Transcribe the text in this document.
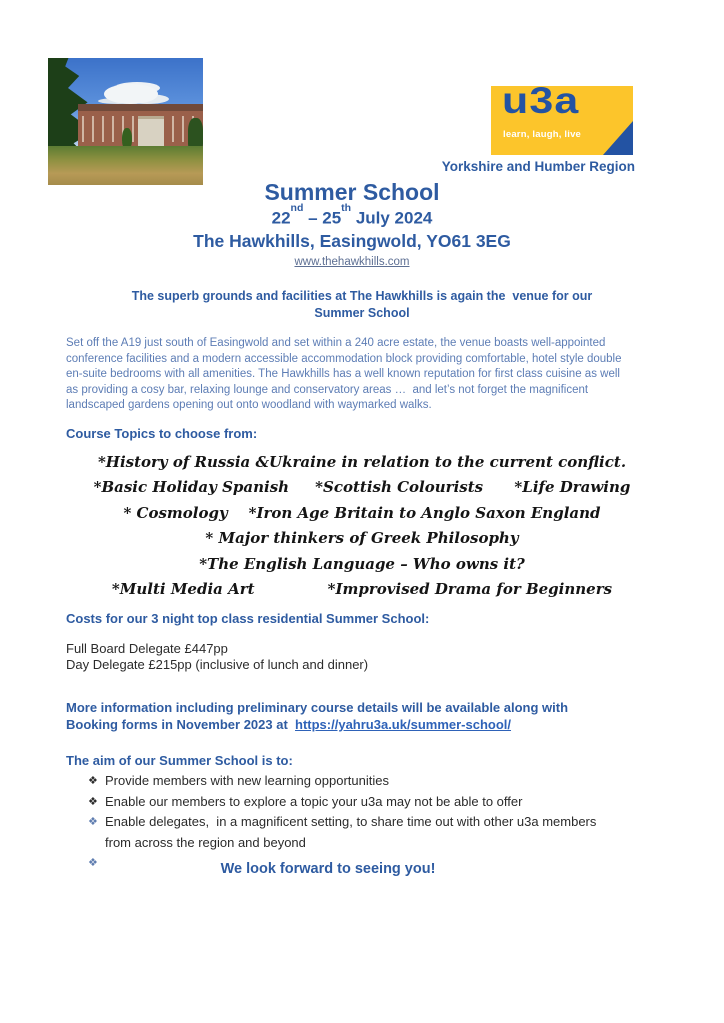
u3a
learn, laugh, live
Yorkshire and Humber Region
Summer School
22nd – 25th July 2024
The Hawkhills, Easingwold, YO61 3EG
www.thehawkhills.com
The superb grounds and facilities at The Hawkhills is again the  venue for our
Summer School
Set off the A19 just south of Easingwold and set within a 240 acre estate, the venue boasts well-appointed
conference facilities and a modern accessible accommodation block providing comfortable, hotel style double
en-suite bedrooms with all amenities. The Hawkhills has a well known reputation for first class cuisine as well
as providing a cosy bar, relaxing lounge and conservatory areas …  and let’s not forget the magnificent
landscaped gardens opening out onto woodland with waymarked walks.
Course Topics to choose from:
*History of Russia &Ukraine in relation to the current conflict.
*Basic Holiday Spanish     *Scottish Colourists      *Life Drawing
* Cosmology    *Iron Age Britain to Anglo Saxon England
* Major thinkers of Greek Philosophy
*The English Language – Who owns it?
*Multi Media Art              *Improvised Drama for Beginners
Costs for our 3 night top class residential Summer School:
Full Board Delegate £447pp
Day Delegate £215pp (inclusive of lunch and dinner)
More information including preliminary course details will be available along with
Booking forms in November 2023 at  https://yahru3a.uk/summer-school/
The aim of our Summer School is to:
❖ Provide members with new learning opportunities
❖ Enable our members to explore a topic your u3a may not be able to offer
❖ Enable delegates,  in a magnificent setting, to share time out with other u3a members from across the region and beyond
❖	We look forward to seeing you!
